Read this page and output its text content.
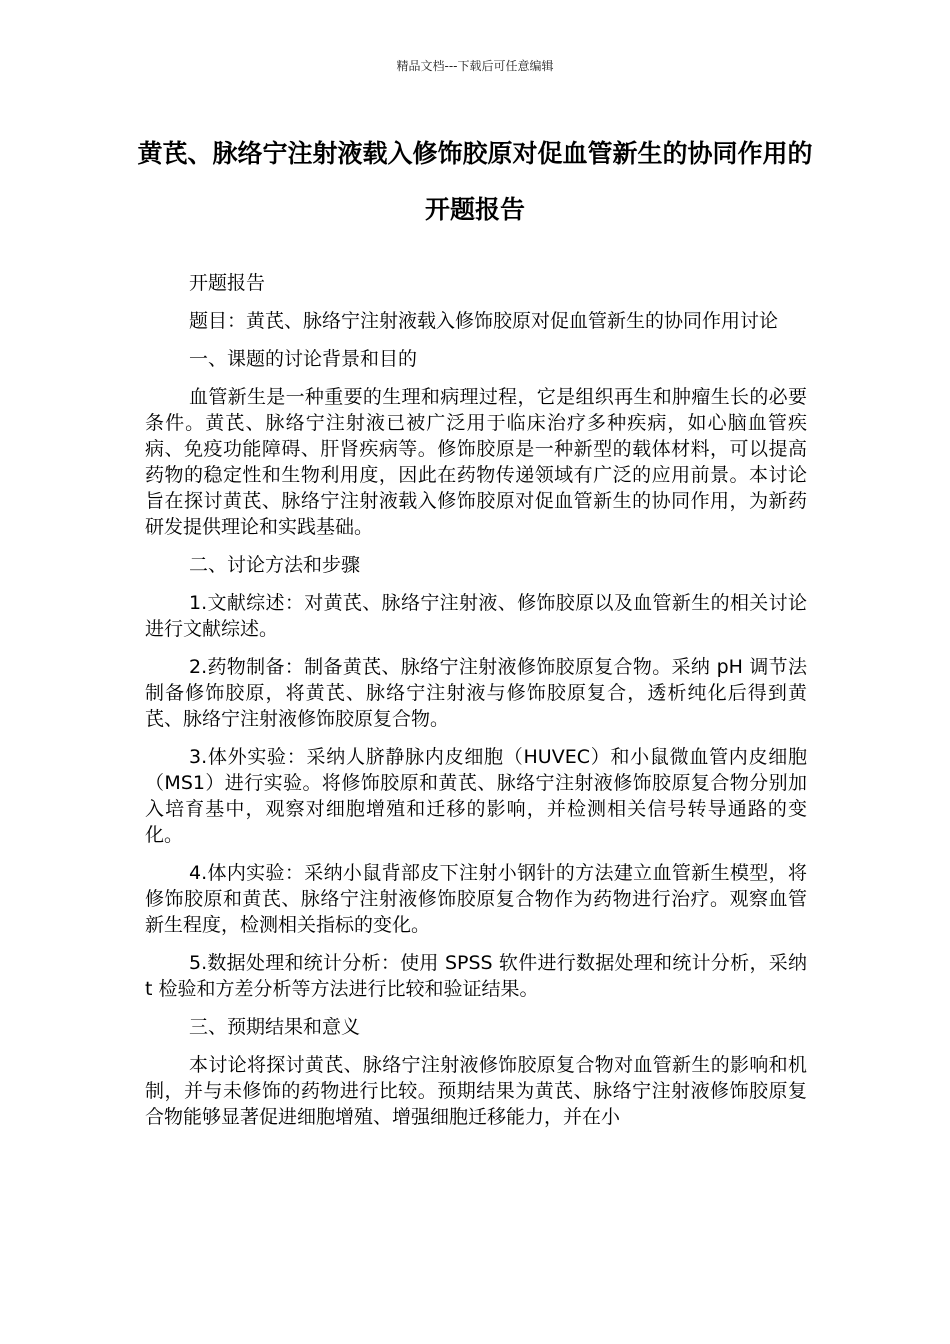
精品文档---下载后可任意编辑
黄芪、脉络宁注射液载入修饰胶原对促血管新生的协同作用的开题报告

开题报告

题目：黄芪、脉络宁注射液载入修饰胶原对促血管新生的协同作用讨论

一、课题的讨论背景和目的

血管新生是一种重要的生理和病理过程，它是组织再生和肿瘤生长的必要条件。黄芪、脉络宁注射液已被广泛用于临床治疗多种疾病，如心脑血管疾病、免疫功能障碍、肝肾疾病等。修饰胶原是一种新型的载体材料，可以提高药物的稳定性和生物利用度，因此在药物传递领域有广泛的应用前景。本讨论旨在探讨黄芪、脉络宁注射液载入修饰胶原对促血管新生的协同作用，为新药研发提供理论和实践基础。

二、讨论方法和步骤

1.文献综述：对黄芪、脉络宁注射液、修饰胶原以及血管新生的相关讨论进行文献综述。

2.药物制备：制备黄芪、脉络宁注射液修饰胶原复合物。采纳 pH 调节法制备修饰胶原，将黄芪、脉络宁注射液与修饰胶原复合，透析纯化后得到黄芪、脉络宁注射液修饰胶原复合物。

3.体外实验：采纳人脐静脉内皮细胞（HUVEC）和小鼠微血管内皮细胞（MS1）进行实验。将修饰胶原和黄芪、脉络宁注射液修饰胶原复合物分别加入培育基中，观察对细胞增殖和迁移的影响，并检测相关信号转导通路的变化。

4.体内实验：采纳小鼠背部皮下注射小钢针的方法建立血管新生模型，将修饰胶原和黄芪、脉络宁注射液修饰胶原复合物作为药物进行治疗。观察血管新生程度，检测相关指标的变化。

5.数据处理和统计分析：使用 SPSS 软件进行数据处理和统计分析，采纳 t 检验和方差分析等方法进行比较和验证结果。

三、预期结果和意义

本讨论将探讨黄芪、脉络宁注射液修饰胶原复合物对血管新生的影响和机制，并与未修饰的药物进行比较。预期结果为黄芪、脉络宁注射液修饰胶原复合物能够显著促进细胞增殖、增强细胞迁移能力，并在小
